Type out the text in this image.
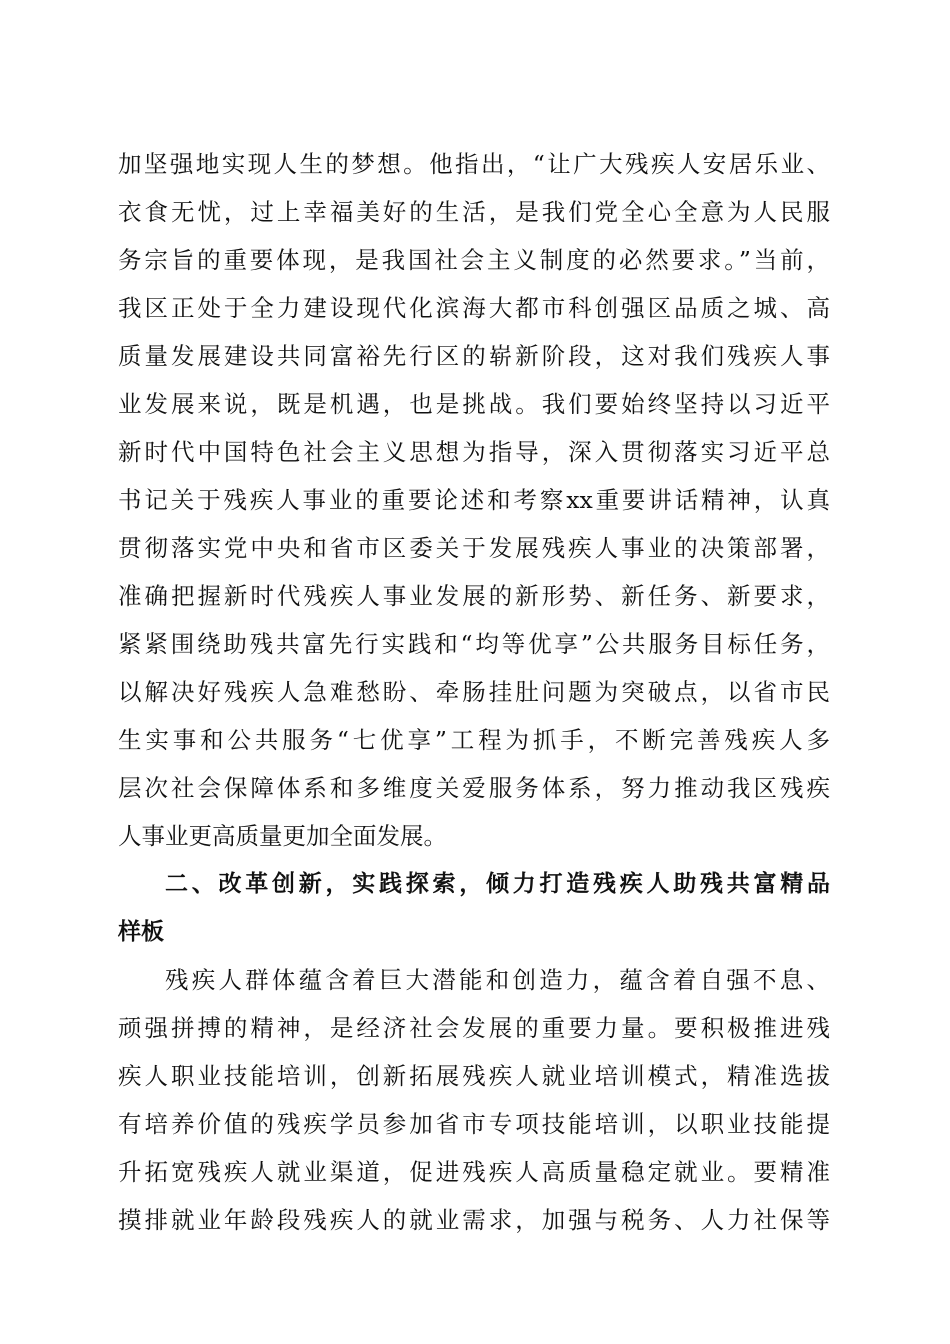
加坚强地实现人生的梦想。他指出，“让广大残疾人安居乐业、
衣食无忧，过上幸福美好的生活，是我们党全心全意为人民服
务宗旨的重要体现，是我国社会主义制度的必然要求。”当前，
我区正处于全力建设现代化滨海大都市科创强区品质之城、高
质量发展建设共同富裕先行区的崭新阶段，这对我们残疾人事
业发展来说，既是机遇，也是挑战。我们要始终坚持以习近平
新时代中国特色社会主义思想为指导，深入贯彻落实习近平总
书记关于残疾人事业的重要论述和考察xx重要讲话精神，认真
贯彻落实党中央和省市区委关于发展残疾人事业的决策部署，
准确把握新时代残疾人事业发展的新形势、新任务、新要求，
紧紧围绕助残共富先行实践和“均等优享”公共服务目标任务，
以解决好残疾人急难愁盼、牵肠挂肚问题为突破点，以省市民
生实事和公共服务“七优享”工程为抓手，不断完善残疾人多
层次社会保障体系和多维度关爱服务体系，努力推动我区残疾
人事业更高质量更加全面发展。
二、改革创新，实践探索，倾力打造残疾人助残共富精品
样板
残疾人群体蕴含着巨大潜能和创造力，蕴含着自强不息、
顽强拼搏的精神，是经济社会发展的重要力量。要积极推进残
疾人职业技能培训，创新拓展残疾人就业培训模式，精准选拔
有培养价值的残疾学员参加省市专项技能培训，以职业技能提
升拓宽残疾人就业渠道，促进残疾人高质量稳定就业。要精准
摸排就业年龄段残疾人的就业需求，加强与税务、人力社保等
